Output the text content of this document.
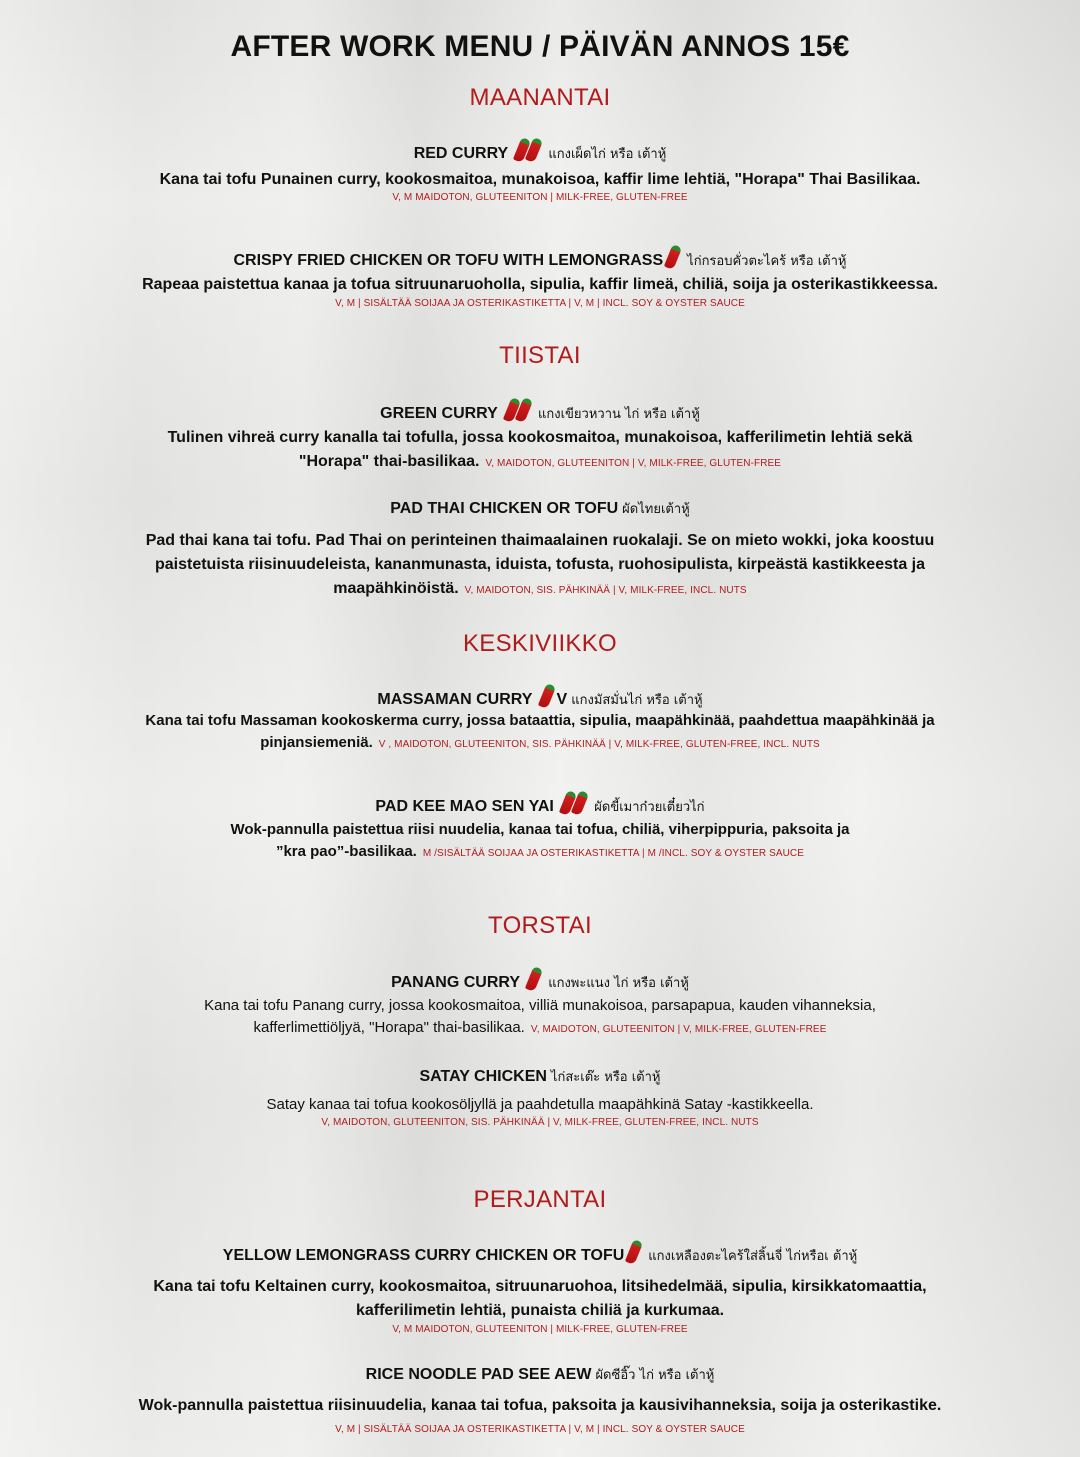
AFTER WORK MENU / PÄIVÄN ANNOS 15€
MAANANTAI
RED CURRY	แกงเผ็ดไก่ หรือ เต้าหู้
Kana tai tofu Punainen curry, kookosmaitoa, munakoisoa, kaffir lime lehtiä, "Horapa" Thai Basilikaa.
V, M MAIDOTON, GLUTEENITON | MILK-FREE, GLUTEN-FREE
CRISPY FRIED CHICKEN OR TOFU WITH LEMONGRASS ไก่กรอบคั่วตะไคร้ หรือ เต้าหู้
Rapeaa paistettua kanaa ja tofua sitruunaruoholla, sipulia, kaffir limeä, chiliä, soija ja osterikastikkeessa.
V, M | SISÄLTÄÄ SOIJAA JA OSTERIKASTIKETTA | V, M | INCL. SOY & OYSTER SAUCE
TIISTAI
GREEN CURRY	แกงเขียวหวาน ไก่ หรือ เต้าหู้
Tulinen vihreä curry kanalla tai tofulla, jossa kookosmaitoa, munakoisoa, kafferilimetin lehtiä sekä
"Horapa" thai-basilikaa. V, MAIDOTON, GLUTEENITON | V, MILK-FREE, GLUTEN-FREE
PAD THAI CHICKEN OR TOFU ผัดไทยเต้าหู้
Pad thai kana tai tofu. Pad Thai on perinteinen thaimaalainen ruokalaji. Se on mieto wokki, joka koostuu
paistetuista riisinuudeleista, kananmunasta, iduista, tofusta, ruohosipulista, kirpeästä kastikkeesta ja
maapähkinöistä. V, MAIDOTON, SIS. PÄHKINÄÄ | V, MILK-FREE, INCL. NUTS
KESKIVIIKKO
MASSAMAN CURRY V แกงมัสมั่นไก่ หรือ เต้าหู้
Kana tai tofu Massaman kookoskerma curry, jossa bataattia, sipulia, maapähkinää, paahdettua maapähkinää ja
pinjansiemeniä. V , MAIDOTON, GLUTEENITON, SIS. PÄHKINÄÄ | V, MILK-FREE, GLUTEN-FREE, INCL. NUTS
PAD KEE MAO SEN YAI	ผัดขี้เมาก๋วยเตี๋ยวไก่
Wok-pannulla paistettua riisi nuudelia, kanaa tai tofua, chiliä, viherpippuria, paksoita ja
”kra pao”-basilikaa. M /SISÄLTÄÄ SOIJAA JA OSTERIKASTIKETTA | M /INCL. SOY & OYSTER SAUCE
TORSTAI
PANANG CURRY แกงพะแนง ไก่ หรือ เต้าหู้
Kana tai tofu Panang curry, jossa kookosmaitoa, villiä munakoisoa, parsapapua, kauden vihanneksia,
kafferlimettiöljyä, "Horapa" thai-basilikaa. V, MAIDOTON, GLUTEENITON | V, MILK-FREE, GLUTEN-FREE
SATAY CHICKEN ไก่สะเต๊ะ หรือ เต้าหู้
Satay kanaa tai tofua kookosöljyllä ja paahdetulla maapähkinä Satay -kastikkeella.
V, MAIDOTON, GLUTEENITON, SIS. PÄHKINÄÄ | V, MILK-FREE, GLUTEN-FREE, INCL. NUTS
PERJANTAI
YELLOW LEMONGRASS CURRY CHICKEN OR TOFU แกงเหลืองตะไคร้ใส่ลิ้นจี่ ไก่หรือเ ต้าหู้
Kana tai tofu Keltainen curry, kookosmaitoa, sitruunaruohoa, litsihedelmää, sipulia, kirsikkatomaattia,
kafferilimetin lehtiä, punaista chiliä ja kurkumaa.
V, M MAIDOTON, GLUTEENITON | MILK-FREE, GLUTEN-FREE
RICE NOODLE PAD SEE AEW ผัดซีอิ๊ว ไก่ หรือ เต้าหู้
Wok-pannulla paistettua riisinuudelia, kanaa tai tofua, paksoita ja kausivihanneksia, soija ja osterikastike.
V, M | SISÄLTÄÄ SOIJAA JA OSTERIKASTIKETTA | V, M | INCL. SOY & OYSTER SAUCE
